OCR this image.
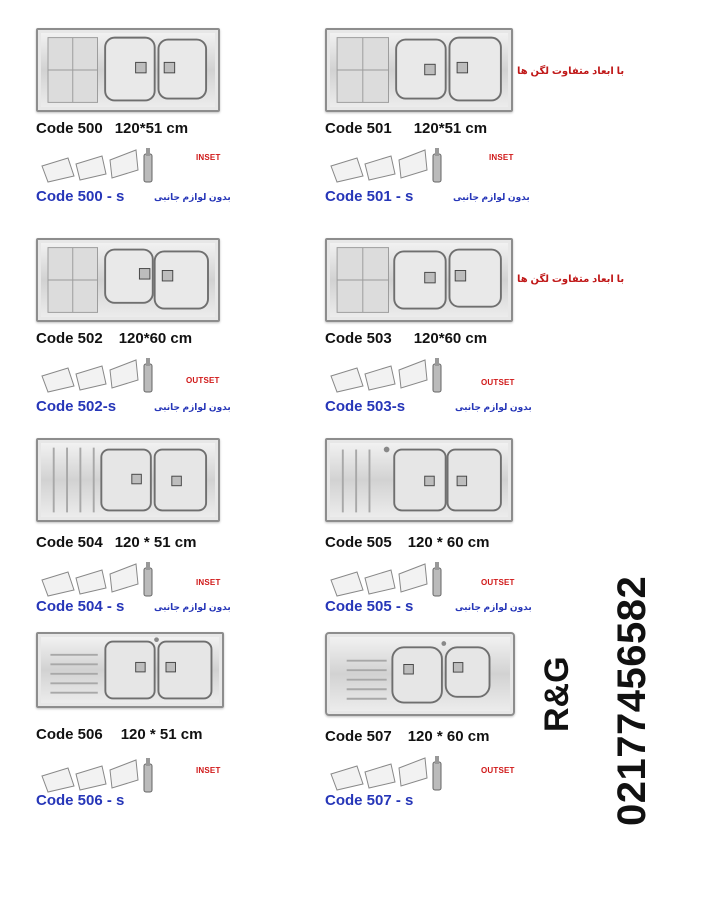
Code 500 120*51 cm
INSET
Code 500 - s	بدون لوازم جانبی
با ابعاد متفاوت لگن ها
Code 501 120*51 cm
INSET
Code 501 - s	بدون لوازم جانبی
Code 502 120*60 cm
OUTSET
Code 502-s	بدون لوازم جانبی
با ابعاد متفاوت لگن ها
Code 503 120*60 cm
OUTSET
Code 503-s	بدون لوازم جانبی
Code 504 120 * 51 cm
INSET
Code 504 - s	بدون لوازم جانبی
Code 505 120 * 60 cm
OUTSET
Code 505 - s	بدون لوازم جانبی
Code 506 120 * 51 cm
INSET
Code 506 - s
Code 507 120 * 60 cm
OUTSET
Code 507 - s
R&G 02177456582
